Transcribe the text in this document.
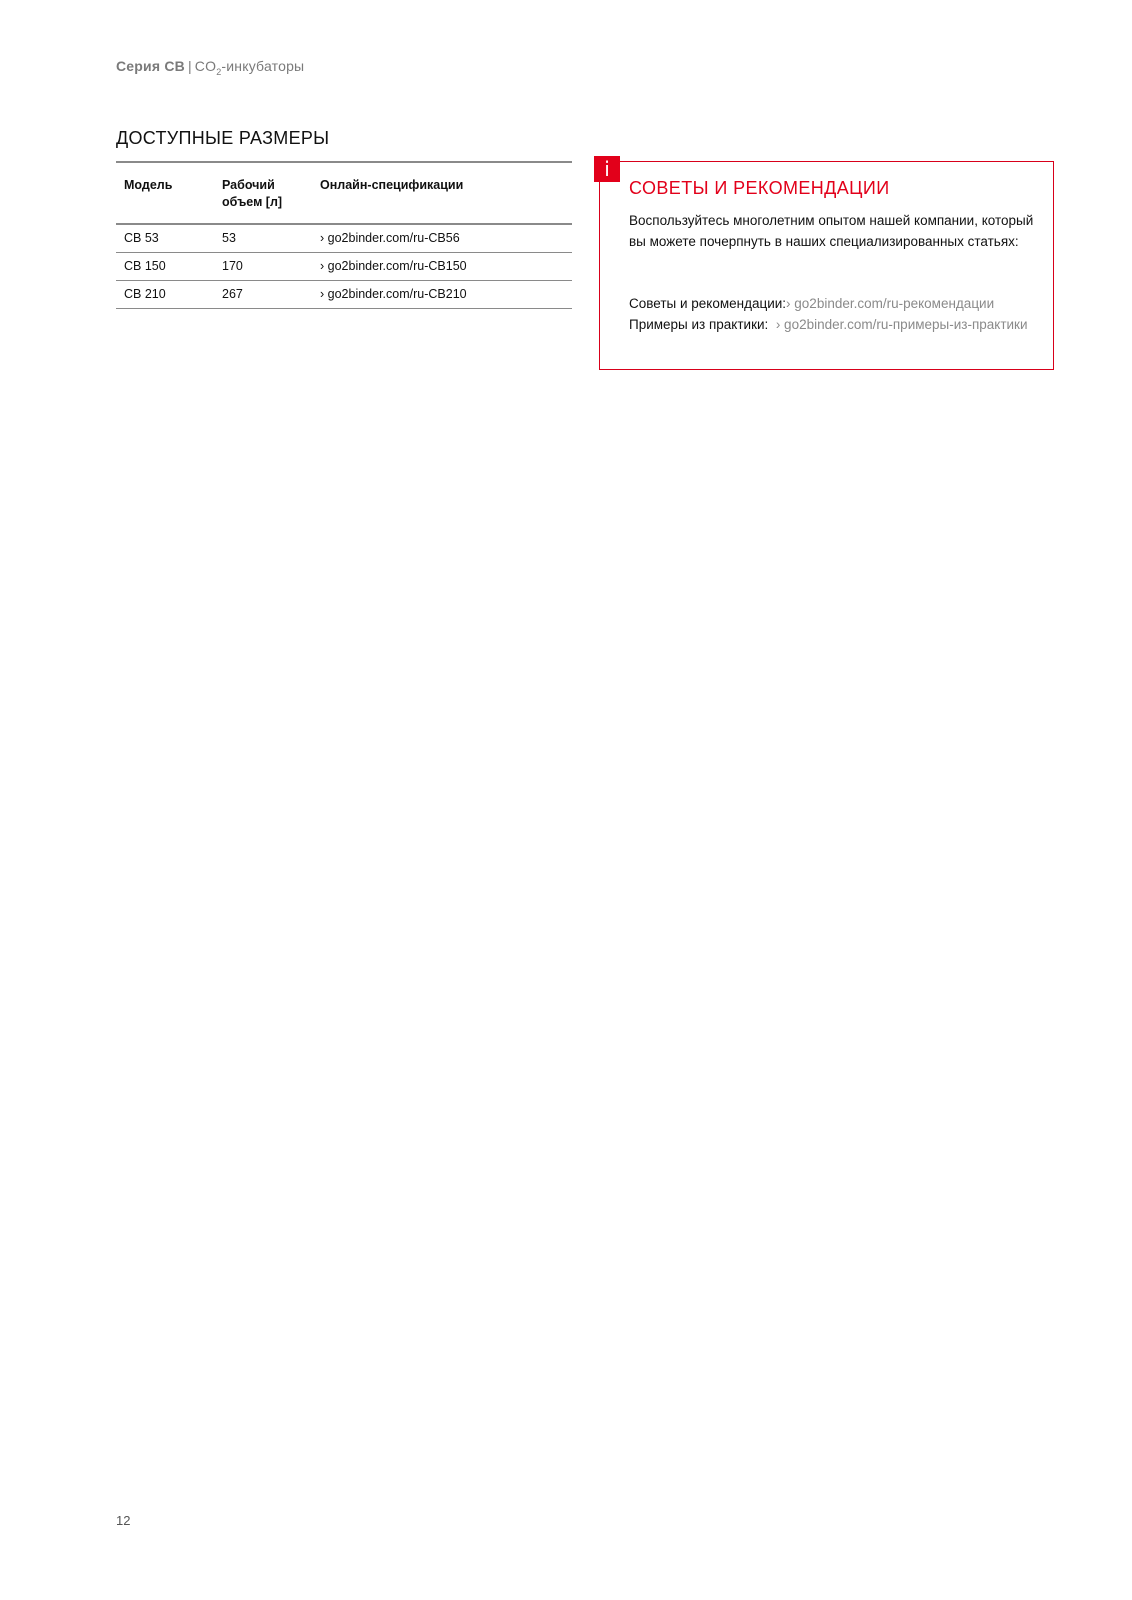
Серия CB | $CO_2$-инкубаторы
ДОСТУПНЫЕ РАЗМЕРЫ
Модель	Рабочий объем [л]	Онлайн-спецификации
CB 53	53	› go2binder.com/ru-CB56
CB 150	170	› go2binder.com/ru-CB150
CB 210	267	› go2binder.com/ru-CB210
i
СОВЕТЫ И РЕКОМЕНДАЦИИ
Воспользуйтесь многолетним опытом нашей компании, который вы можете почерпнуть в наших специализированных статьях:
Советы и рекомендации:› go2binder.com/ru-рекомендации
Примеры из практики: › go2binder.com/ru-примеры-из-практики
12
